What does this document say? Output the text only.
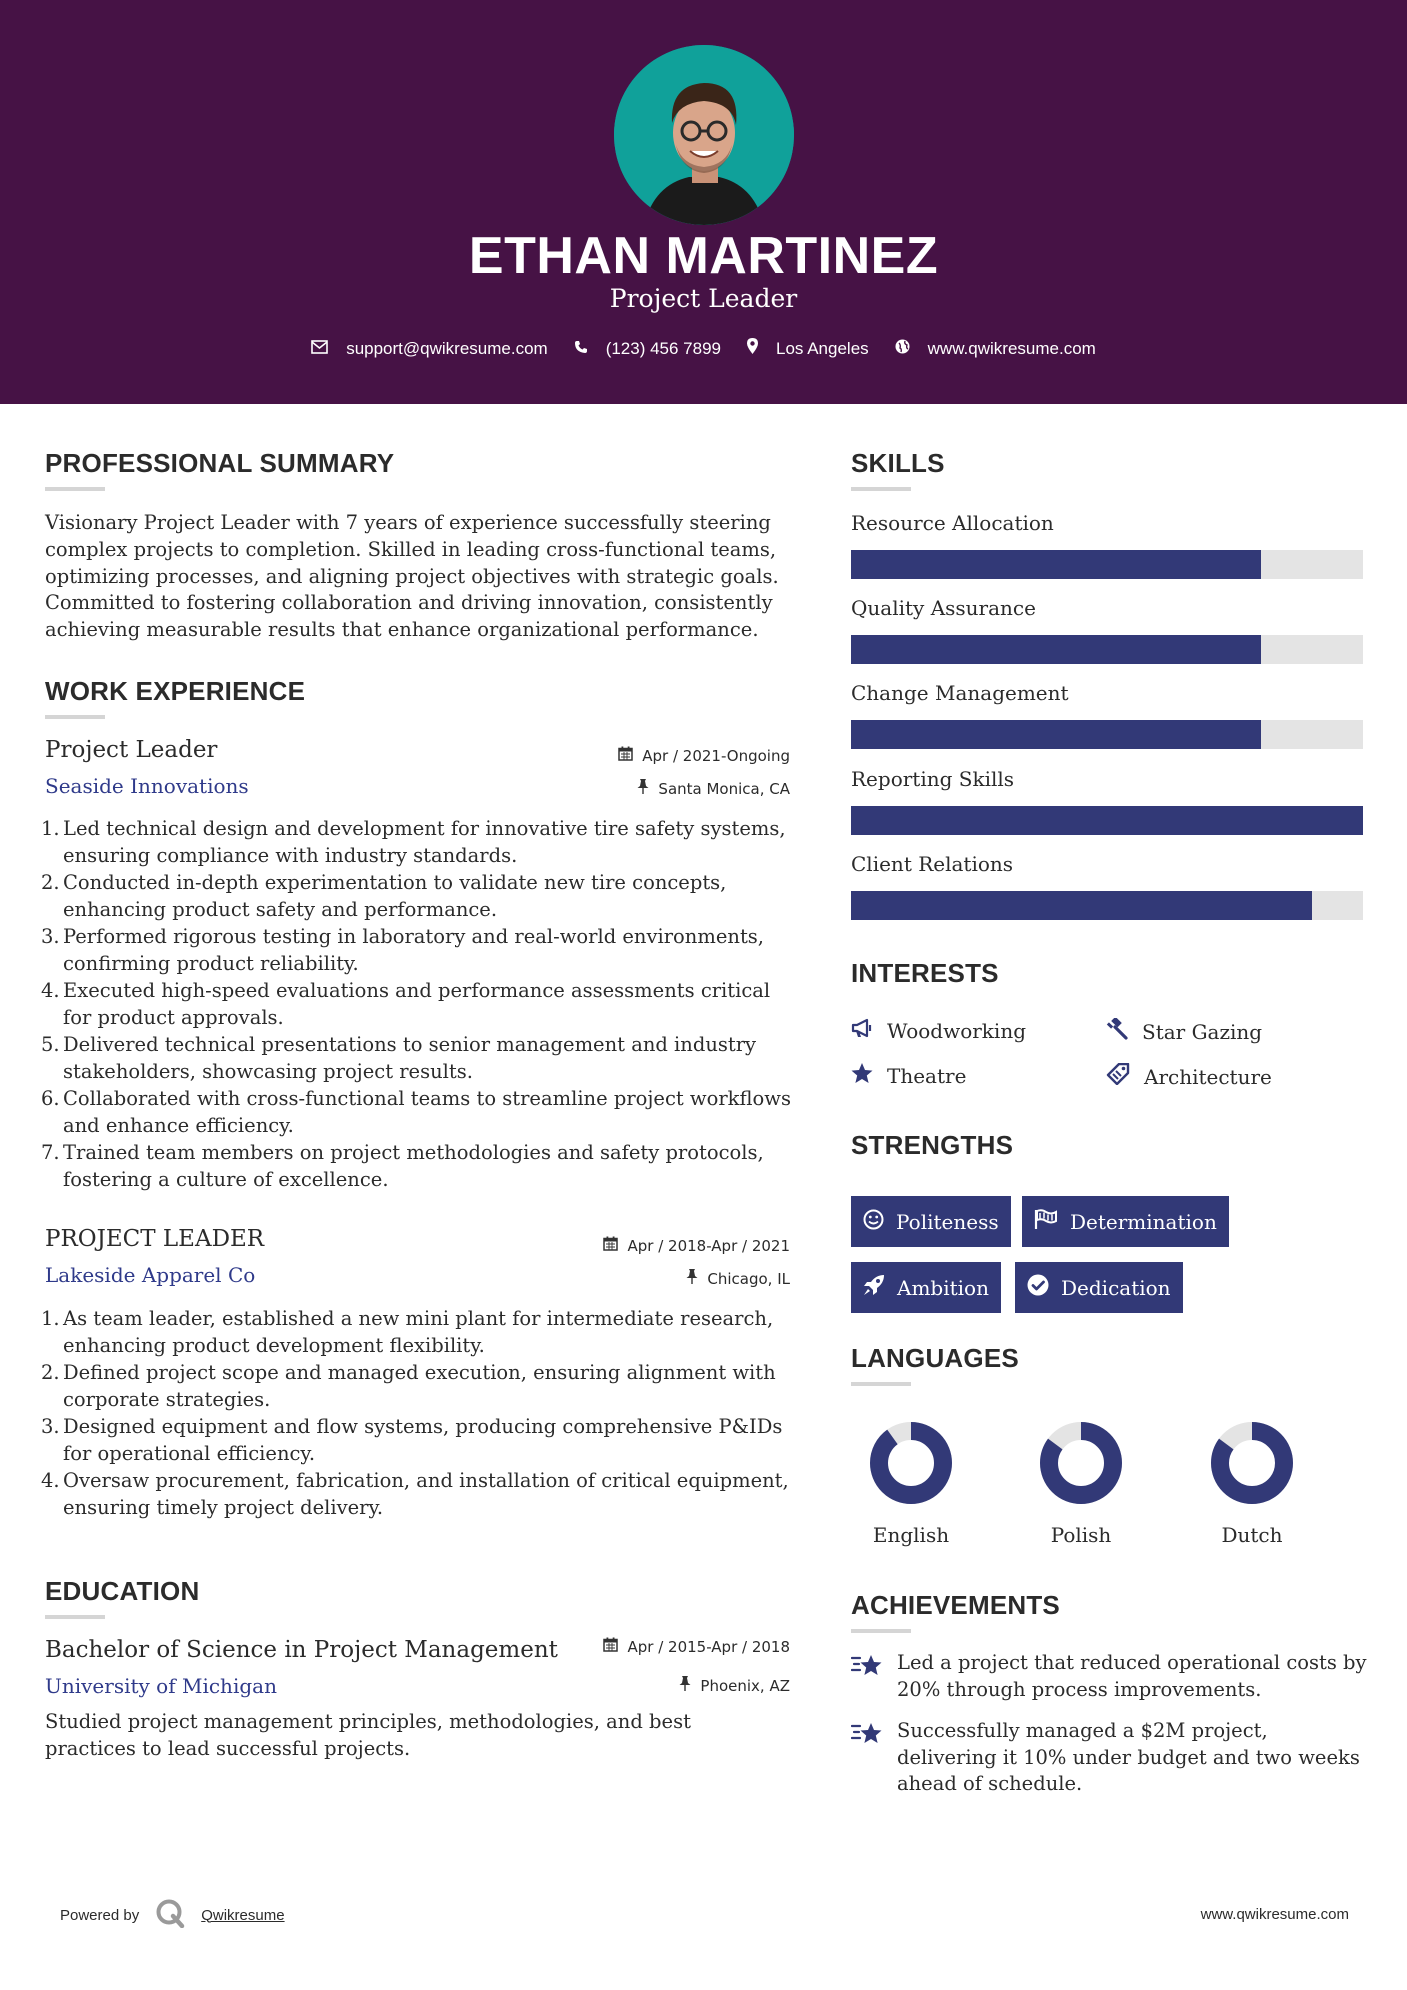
ETHAN MARTINEZ
Project Leader
support@qwikresume.com	(123) 456 7899	Los Angeles	www.qwikresume.com
PROFESSIONAL SUMMARY
Visionary Project Leader with 7 years of experience successfully steering complex projects to completion. Skilled in leading cross-functional teams, optimizing processes, and aligning project objectives with strategic goals. Committed to fostering collaboration and driving innovation, consistently achieving measurable results that enhance organizational performance.
WORK EXPERIENCE
Project Leader
Seaside Innovations
Apr / 2021-Ongoing
Santa Monica, CA
1. Led technical design and development for innovative tire safety systems, ensuring compliance with industry standards.
2. Conducted in-depth experimentation to validate new tire concepts, enhancing product safety and performance.
3. Performed rigorous testing in laboratory and real-world environments, confirming product reliability.
4. Executed high-speed evaluations and performance assessments critical for product approvals.
5. Delivered technical presentations to senior management and industry stakeholders, showcasing project results.
6. Collaborated with cross-functional teams to streamline project workflows and enhance efficiency.
7. Trained team members on project methodologies and safety protocols, fostering a culture of excellence.
PROJECT LEADER
Lakeside Apparel Co
Apr / 2018-Apr / 2021
Chicago, IL
1. As team leader, established a new mini plant for intermediate research, enhancing product development flexibility.
2. Defined project scope and managed execution, ensuring alignment with corporate strategies.
3. Designed equipment and flow systems, producing comprehensive P&IDs for operational efficiency.
4. Oversaw procurement, fabrication, and installation of critical equipment, ensuring timely project delivery.
EDUCATION
Bachelor of Science in Project Management
University of Michigan
Apr / 2015-Apr / 2018
Phoenix, AZ
Studied project management principles, methodologies, and best practices to lead successful projects.
SKILLS
Resource Allocation
Quality Assurance
Change Management
Reporting Skills
Client Relations
INTERESTS
Woodworking	Star Gazing
Theatre	Architecture
STRENGTHS
Politeness	Determination
Ambition	Dedication
LANGUAGES
English	Polish	Dutch
ACHIEVEMENTS
Led a project that reduced operational costs by 20% through process improvements.
Successfully managed a $2M project, delivering it 10% under budget and two weeks ahead of schedule.
Powered by	Qwikresume	www.qwikresume.com
